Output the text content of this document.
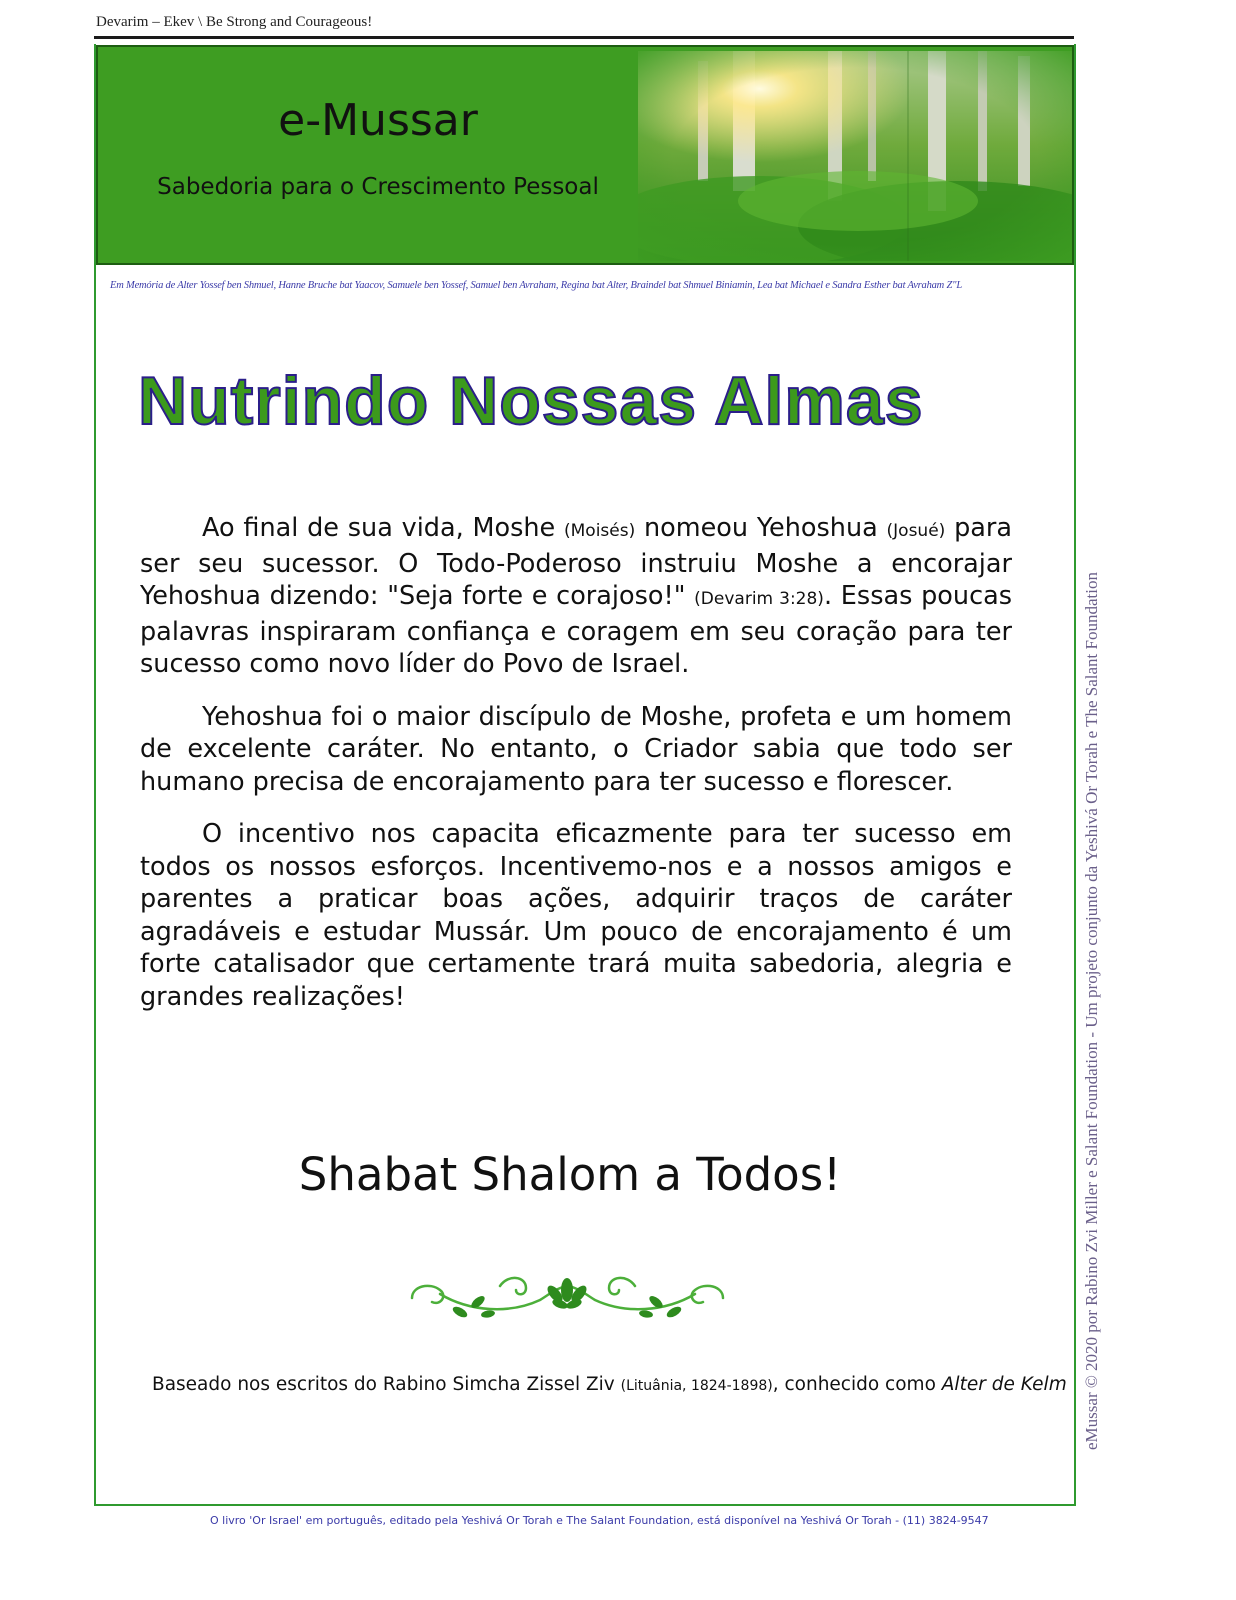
Devarim – Ekev \ Be Strong and Courageous!
e-Mussar
Sabedoria para o Crescimento Pessoal
Em Memória de Alter Yossef ben Shmuel, Hanne Bruche bat Yaacov, Samuele ben Yossef, Samuel ben Avraham, Regina bat Alter, Braindel bat Shmuel Biniamin, Lea bat Michael e Sandra Esther bat Avraham Z"L
Nutrindo Nossas Almas

Ao final de sua vida, Moshe (Moisés) nomeou Yehoshua (Josué) para ser seu sucessor. O Todo-Poderoso instruiu Moshe a encorajar Yehoshua dizendo: "Seja forte e corajoso!" (Devarim 3:28). Essas poucas palavras inspiraram confiança e coragem em seu coração para ter sucesso como novo líder do Povo de Israel.

Yehoshua foi o maior discípulo de Moshe, profeta e um homem de excelente caráter. No entanto, o Criador sabia que todo ser humano precisa de encorajamento para ter sucesso e florescer.

O incentivo nos capacita eficazmente para ter sucesso em todos os nossos esforços. Incentivemo-nos e a nossos amigos e parentes a praticar boas ações, adquirir traços de caráter agradáveis e estudar Mussár. Um pouco de encorajamento é um forte catalisador que certamente trará muita sabedoria, alegria e grandes realizações!

Shabat Shalom a Todos!
Baseado nos escritos do Rabino Simcha Zissel Ziv (Lituânia, 1824-1898), conhecido como Alter de Kelm
O livro 'Or Israel' em português, editado pela Yeshivá Or Torah e The Salant Foundation, está disponível na Yeshivá Or Torah - (11) 3824-9547
eMussar © 2020 por Rabino Zvi Miller e Salant Foundation - Um projeto conjunto da Yeshivá Or Torah e The Salant Foundation
